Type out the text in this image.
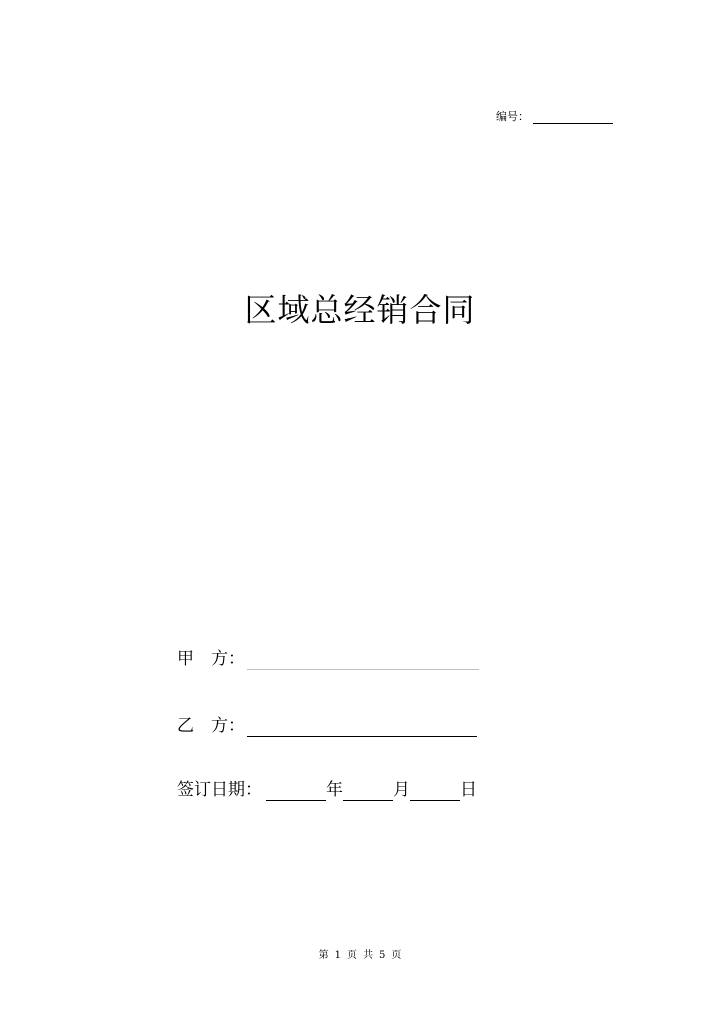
编号：
区域总经销合同
甲　方：
乙　方：
签订日期：	年	月	日
第 1 页 共 5 页
